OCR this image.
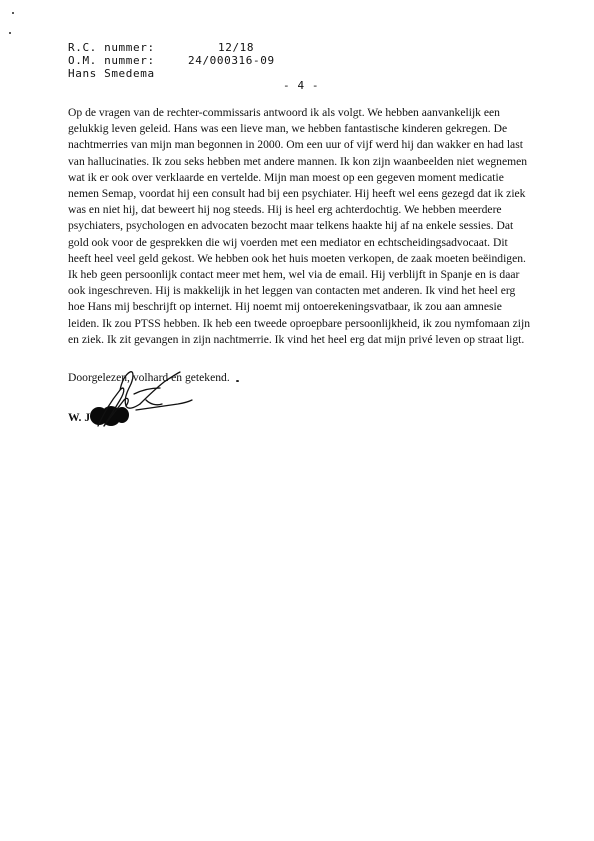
R.C. nummer:	12/18
O.M. nummer:	24/000316-09
Hans Smedema
- 4 -
Op de vragen van de rechter-commissaris antwoord ik als volgt. We hebben aanvankelijk een gelukkig leven geleid. Hans was een lieve man, we hebben fantastische kinderen gekregen. De nachtmerries van mijn man begonnen in 2000. Om een uur of vijf werd hij dan wakker en had last van hallucinaties. Ik zou seks hebben met andere mannen. Ik kon zijn waanbeelden niet wegnemen wat ik er ook over verklaarde en vertelde. Mijn man moest op een gegeven moment medicatie nemen Semap, voordat hij een consult had bij een psychiater. Hij heeft wel eens gezegd dat ik ziek was en niet hij, dat beweert hij nog steeds. Hij is heel erg achterdochtig. We hebben meerdere psychiaters, psychologen en advocaten bezocht maar telkens haakte hij af na enkele sessies. Dat gold ook voor de gesprekken die wij voerden met een mediator en echtscheidingsadvocaat. Dit heeft heel veel geld gekost. We hebben ook het huis moeten verkopen, de zaak moeten beëindigen. Ik heb geen persoonlijk contact meer met hem, wel via de email. Hij verblijft in Spanje en is daar ook ingeschreven. Hij is makkelijk in het leggen van contacten met anderen. Ik vind het heel erg hoe Hans mij beschrijft op internet. Hij noemt mij ontoerekeningsvatbaar, ik zou aan amnesie leiden. Ik zou PTSS hebben. Ik heb een tweede oproepbare persoonlijkheid, ik zou nymfomaan zijn en ziek. Ik zit gevangen in zijn nachtmerrie. Ik vind het heel erg dat mijn privé leven op straat ligt.
Doorgelezen, volhard en getekend.
W. J
